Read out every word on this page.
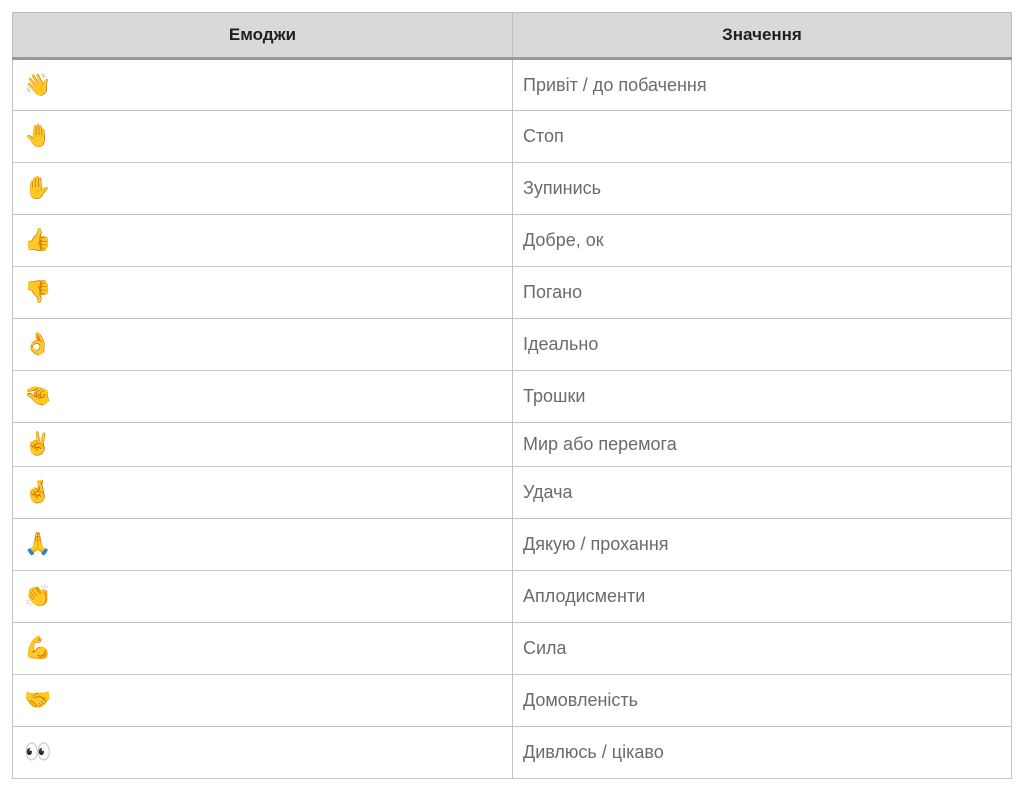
Емоджи	Значення
👋	Привіт / до побачення
🤚	Стоп
✋	Зупинись
👍	Добре, ок
👎	Погано
👌	Ідеально
🤏	Трошки
✌️	Мир або перемога
🤞	Удача
🙏	Дякую / прохання
👏	Аплодисменти
💪	Сила
🤝	Домовленість
👀	Дивлюсь / цікаво
